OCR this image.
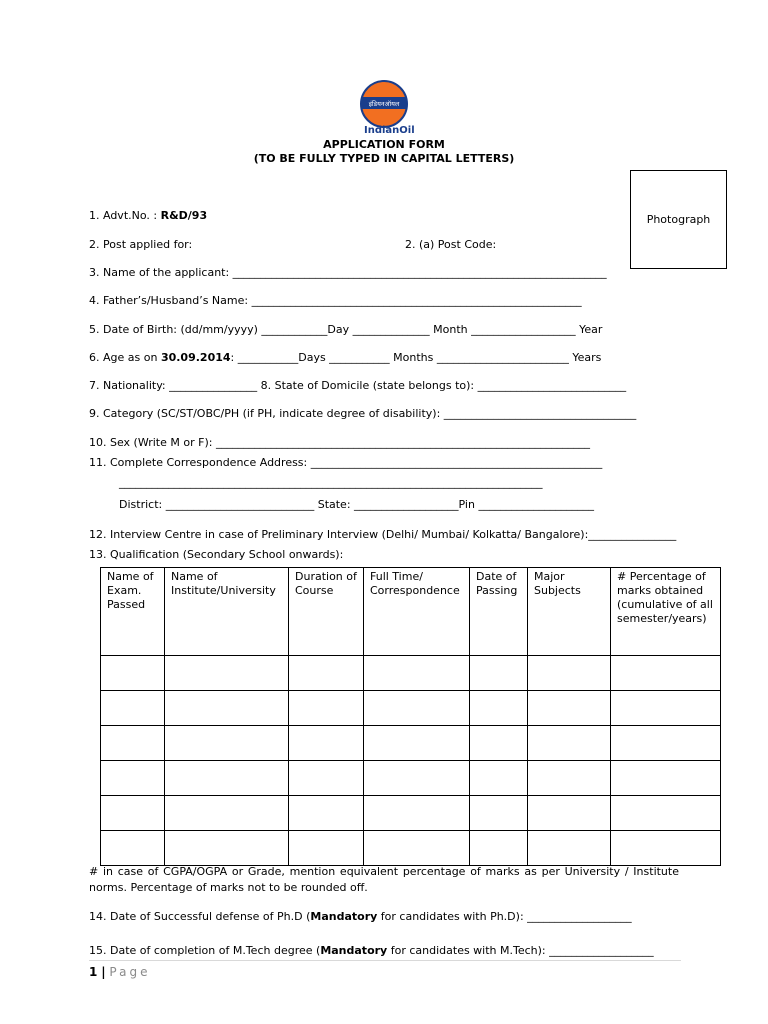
इंडियनऑयल
IndianOil
APPLICATION FORM
(TO BE FULLY TYPED IN CAPITAL LETTERS)
Photograph
1. Advt.No. : R&D/93
2. Post applied for:	2. (a) Post Code:
3. Name of the applicant: ____________________________________________________________________
4. Father’s/Husband’s Name: ____________________________________________________________
5. Date of Birth: (dd/mm/yyyy) ____________Day ______________ Month ___________________ Year
6. Age as on 30.09.2014: ___________Days ___________ Months ________________________ Years
7. Nationality: ________________ 8. State of Domicile (state belongs to): ___________________________
9. Category (SC/ST/OBC/PH (if PH, indicate degree of disability): ___________________________________
10. Sex (Write M or F): ____________________________________________________________________
11. Complete Correspondence Address: _____________________________________________________
_____________________________________________________________________________
District: ___________________________ State: ___________________Pin _____________________
12. Interview Centre in case of Preliminary Interview (Delhi/ Mumbai/ Kolkatta/ Bangalore):________________
13. Qualification (Secondary School onwards):
Name of Exam. Passed	Name of Institute/University	Duration of Course	Full Time/ Correspondence	Date of Passing	Major Subjects	# Percentage of marks obtained (cumulative of all semester/years)

# in case of CGPA/OGPA or Grade, mention equivalent percentage of marks as per University / Institute norms. Percentage of marks not to be rounded off.
14. Date of Successful defense of Ph.D (Mandatory for candidates with Ph.D): ___________________
15. Date of completion of M.Tech degree (Mandatory for candidates with M.Tech): ___________________
1 | Page
